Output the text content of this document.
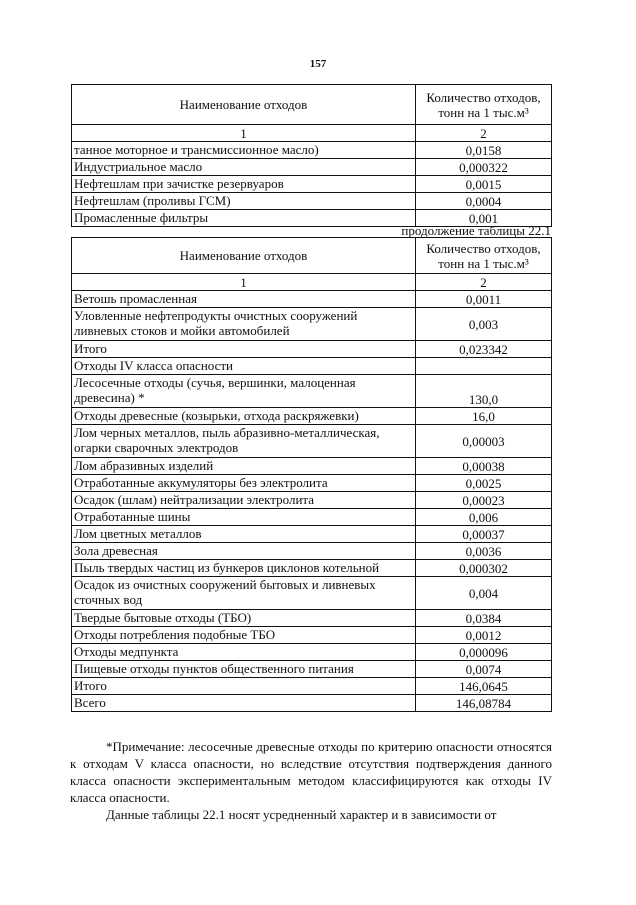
157
Наименование отходов	Количество отходов,
тонн на 1 тыс.м³
1	2
танное моторное и трансмиссионное масло)	0,0158
Индустриальное масло	0,000322
Нефтешлам при зачистке резервуаров	0,0015
Нефтешлам (проливы ГСМ)	0,0004
Промасленные фильтры	0,001
продолжение таблицы 22.1
Наименование отходов	Количество отходов,
тонн на 1 тыс.м³
1	2
Ветошь промасленная	0,0011
Уловленные нефтепродукты очистных сооружений ливневых стоков и мойки автомобилей	0,003
Итого	0,023342
Отходы IV класса опасности	
Лесосечные отходы (сучья, вершинки, малоценная древесина) *	130,0
Отходы древесные (козырьки, отхода раскряжевки)	16,0
Лом черных металлов, пыль абразивно-металлическая, огарки сварочных электродов	0,00003
Лом абразивных изделий	0,00038
Отработанные аккумуляторы без электролита	0,0025
Осадок (шлам) нейтрализации электролита	0,00023
Отработанные шины	0,006
Лом цветных металлов	0,00037
Зола древесная	0,0036
Пыль твердых частиц из бункеров циклонов котельной	0,000302
Осадок из очистных сооружений бытовых и ливневых сточных вод	0,004
Твердые бытовые отходы (ТБО)	0,0384
Отходы потребления подобные ТБО	0,0012
Отходы медпункта	0,000096
Пищевые отходы пунктов общественного питания	0,0074
Итого	146,0645
Всего	146,08784

*Примечание: лесосечные древесные отходы по критерию опасности относятся к отходам V класса опасности, но вследствие отсутствия подтверждения данного класса опасности экспериментальным методом классифицируются как отходы IV класса опасности.

Данные таблицы 22.1 носят усредненный характер и в зависимости от
